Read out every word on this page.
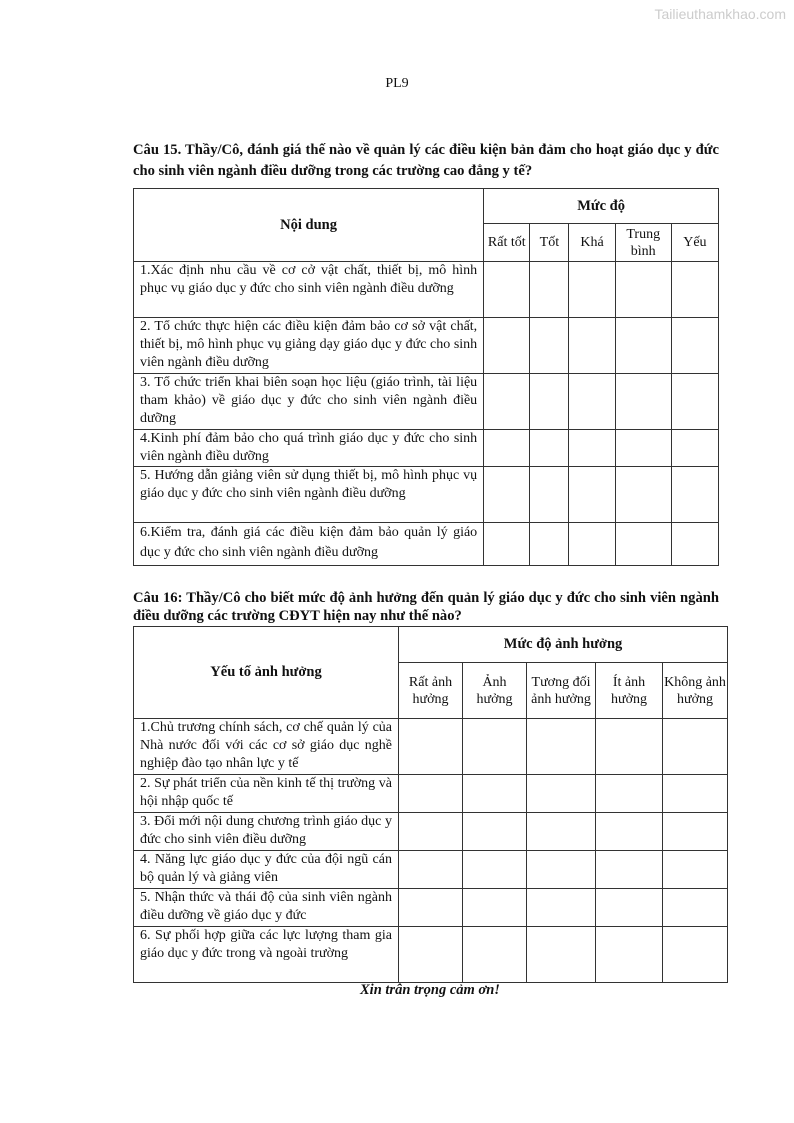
Tailieuthamkhao.com
PL9
Câu 15. Thầy/Cô, đánh giá thế nào về quản lý các điều kiện bản đảm cho hoạt giáo dục y đức cho sinh viên ngành điều dưỡng trong các trường cao đẳng y tế?
Nội dung	Mức độ				
	Rất tốt	Tốt	Khá	Trung bình	Yếu
1.Xác định nhu cầu về cơ cở vật chất, thiết bị, mô hình phục vụ giáo dục y đức cho sinh viên ngành điều dưỡng					
2. Tổ chức thực hiện các điều kiện đảm bảo cơ sở vật chất, thiết bị, mô hình phục vụ giảng dạy giáo dục y đức cho sinh viên ngành điều dưỡng					
3. Tổ chức triển khai biên soạn học liệu (giáo trình, tài liệu tham khảo) về giáo dục y đức cho sinh viên ngành điều dưỡng					
4.Kinh phí đảm bảo cho quá trình giáo dục y đức cho sinh viên ngành điều dưỡng					
5. Hướng dẫn giảng viên sử dụng thiết bị, mô hình phục vụ giáo dục y đức cho sinh viên ngành điều dưỡng					
6.Kiểm tra, đánh giá các điều kiện đảm bảo quản lý giáo dục y đức cho sinh viên ngành điều dưỡng					
Câu 16: Thầy/Cô cho biết mức độ ảnh hưởng đến quản lý giáo dục y đức cho sinh viên ngành điều dưỡng các trường CĐYT hiện nay như thế nào?
Yếu tố ảnh hưởng	Mức độ ảnh hưởng				
	Rất ảnh hưởng	Ảnh hưởng	Tương đối ảnh hưởng	Ít ảnh hưởng	Không ảnh hưởng
1.Chủ trương chính sách, cơ chế quản lý của Nhà nước đối với các cơ sở giáo dục nghề nghiệp đào tạo nhân lực y tế					
2. Sự phát triển của nền kinh tế thị trường và hội nhập quốc tế					
3. Đổi mới nội dung chương trình giáo dục y đức cho sinh viên điều dưỡng					
4. Năng lực giáo dục y đức của đội ngũ cán bộ quản lý và giảng viên					
5. Nhận thức và thái độ của sinh viên ngành điều dưỡng về giáo dục y đức					
6. Sự phối hợp giữa các lực lượng tham gia giáo dục y đức trong và ngoài trường					
Xin trân trọng cảm ơn!
